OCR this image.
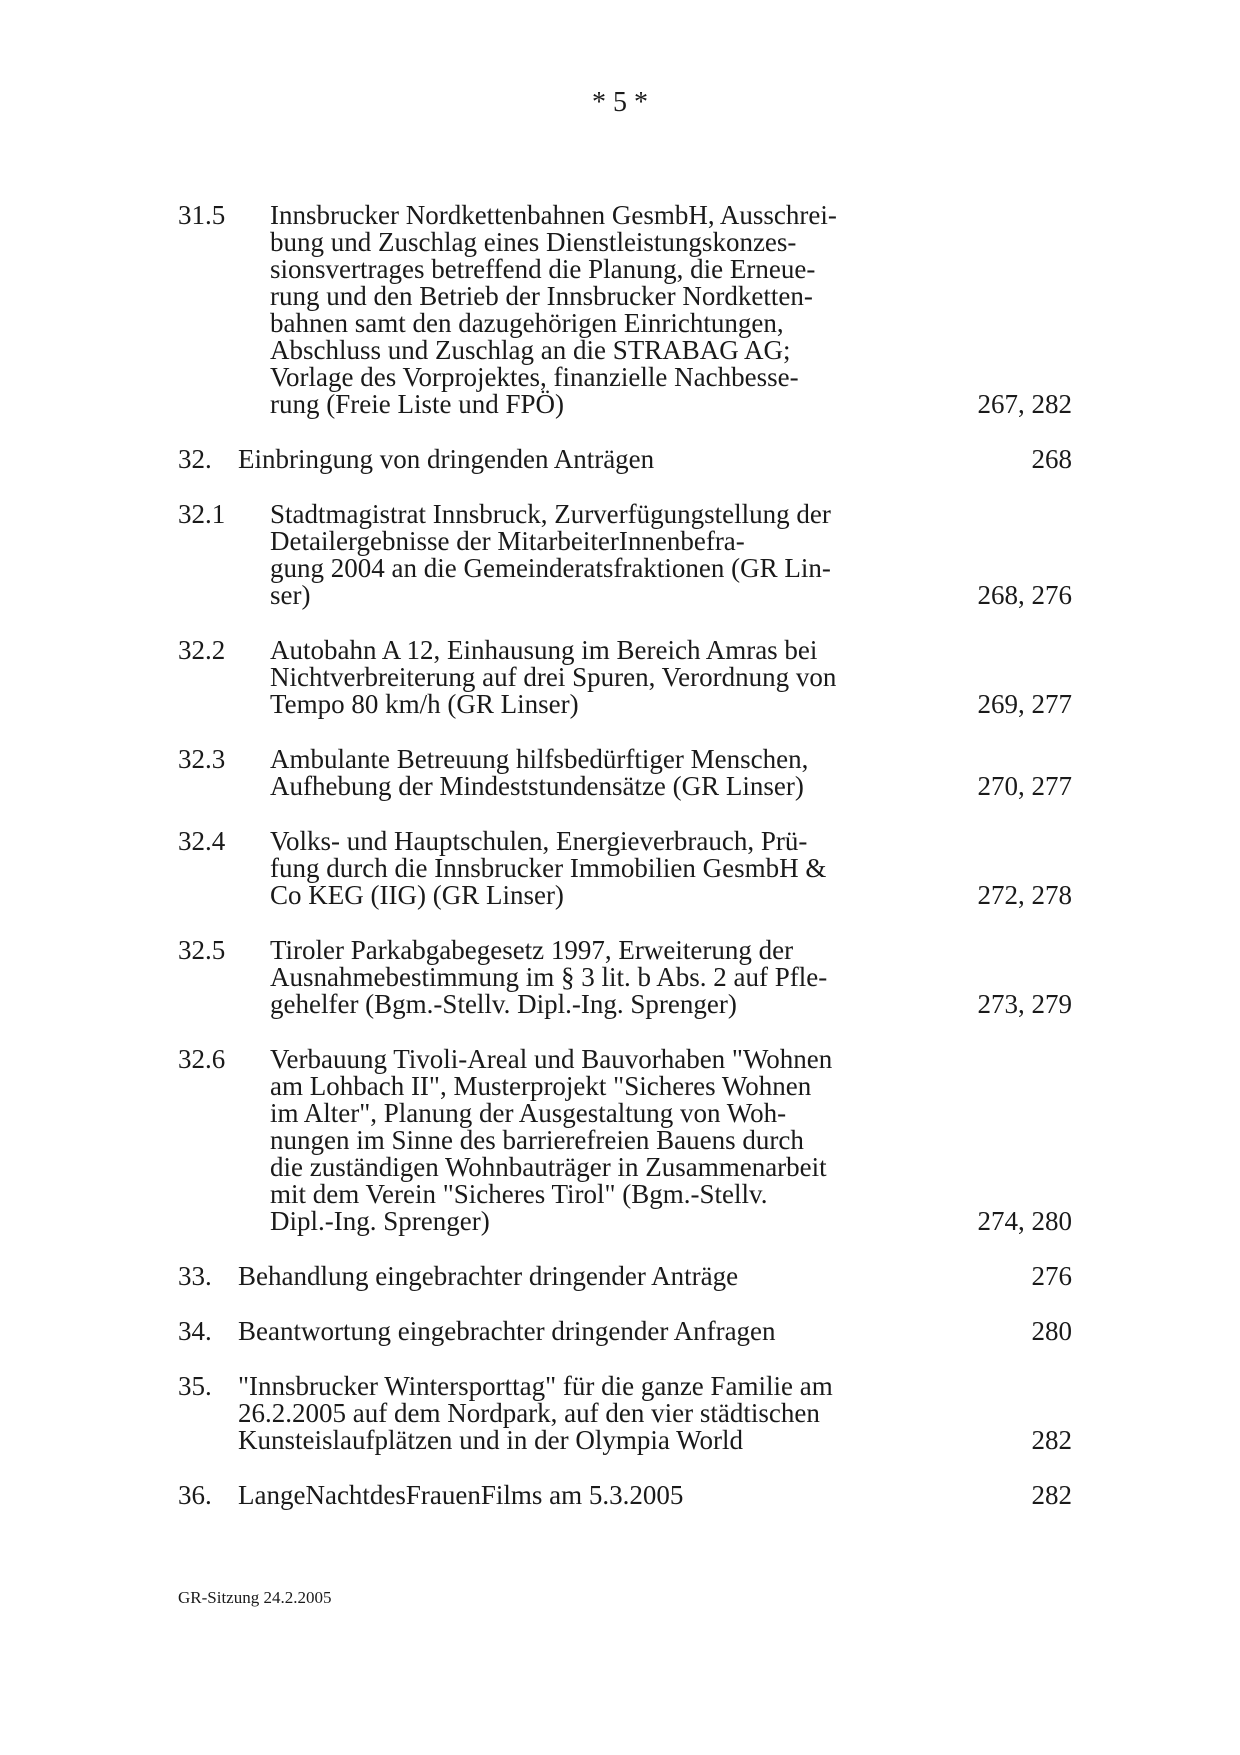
* 5 *
31.5 Innsbrucker Nordkettenbahnen GesmbH, Ausschrei-
bung und Zuschlag eines Dienstleistungskonzes-
sionsvertrages betreffend die Planung, die Erneue-
rung und den Betrieb der Innsbrucker Nordketten-
bahnen samt den dazugehörigen Einrichtungen,
Abschluss und Zuschlag an die STRABAG AG;
Vorlage des Vorprojektes, finanzielle Nachbesse-
rung (Freie Liste und FPÖ)	267, 282
32. Einbringung von dringenden Anträgen	268
32.1 Stadtmagistrat Innsbruck, Zurverfügungstellung der
Detailergebnisse der MitarbeiterInnenbefra-
gung 2004 an die Gemeinderatsfraktionen (GR Lin-
ser)	268, 276
32.2 Autobahn A 12, Einhausung im Bereich Amras bei
Nichtverbreiterung auf drei Spuren, Verordnung von
Tempo 80 km/h (GR Linser)	269, 277
32.3 Ambulante Betreuung hilfsbedürftiger Menschen,
Aufhebung der Mindeststundensätze (GR Linser)	270, 277
32.4 Volks- und Hauptschulen, Energieverbrauch, Prü-
fung durch die Innsbrucker Immobilien GesmbH &
Co KEG (IIG) (GR Linser)	272, 278
32.5 Tiroler Parkabgabegesetz 1997, Erweiterung der
Ausnahmebestimmung im § 3 lit. b Abs. 2 auf Pfle-
gehelfer (Bgm.-Stellv. Dipl.-Ing. Sprenger)	273, 279
32.6 Verbauung Tivoli-Areal und Bauvorhaben "Wohnen
am Lohbach II", Musterprojekt "Sicheres Wohnen
im Alter", Planung der Ausgestaltung von Woh-
nungen im Sinne des barrierefreien Bauens durch
die zuständigen Wohnbauträger in Zusammenarbeit
mit dem Verein "Sicheres Tirol" (Bgm.-Stellv.
Dipl.-Ing. Sprenger)	274, 280
33. Behandlung eingebrachter dringender Anträge	276
34. Beantwortung eingebrachter dringender Anfragen	280
35. "Innsbrucker Wintersporttag" für die ganze Familie am
26.2.2005 auf dem Nordpark, auf den vier städtischen
Kunsteislaufplätzen und in der Olympia World	282
36. LangeNachtdesFrauenFilms am 5.3.2005	282
GR-Sitzung 24.2.2005
